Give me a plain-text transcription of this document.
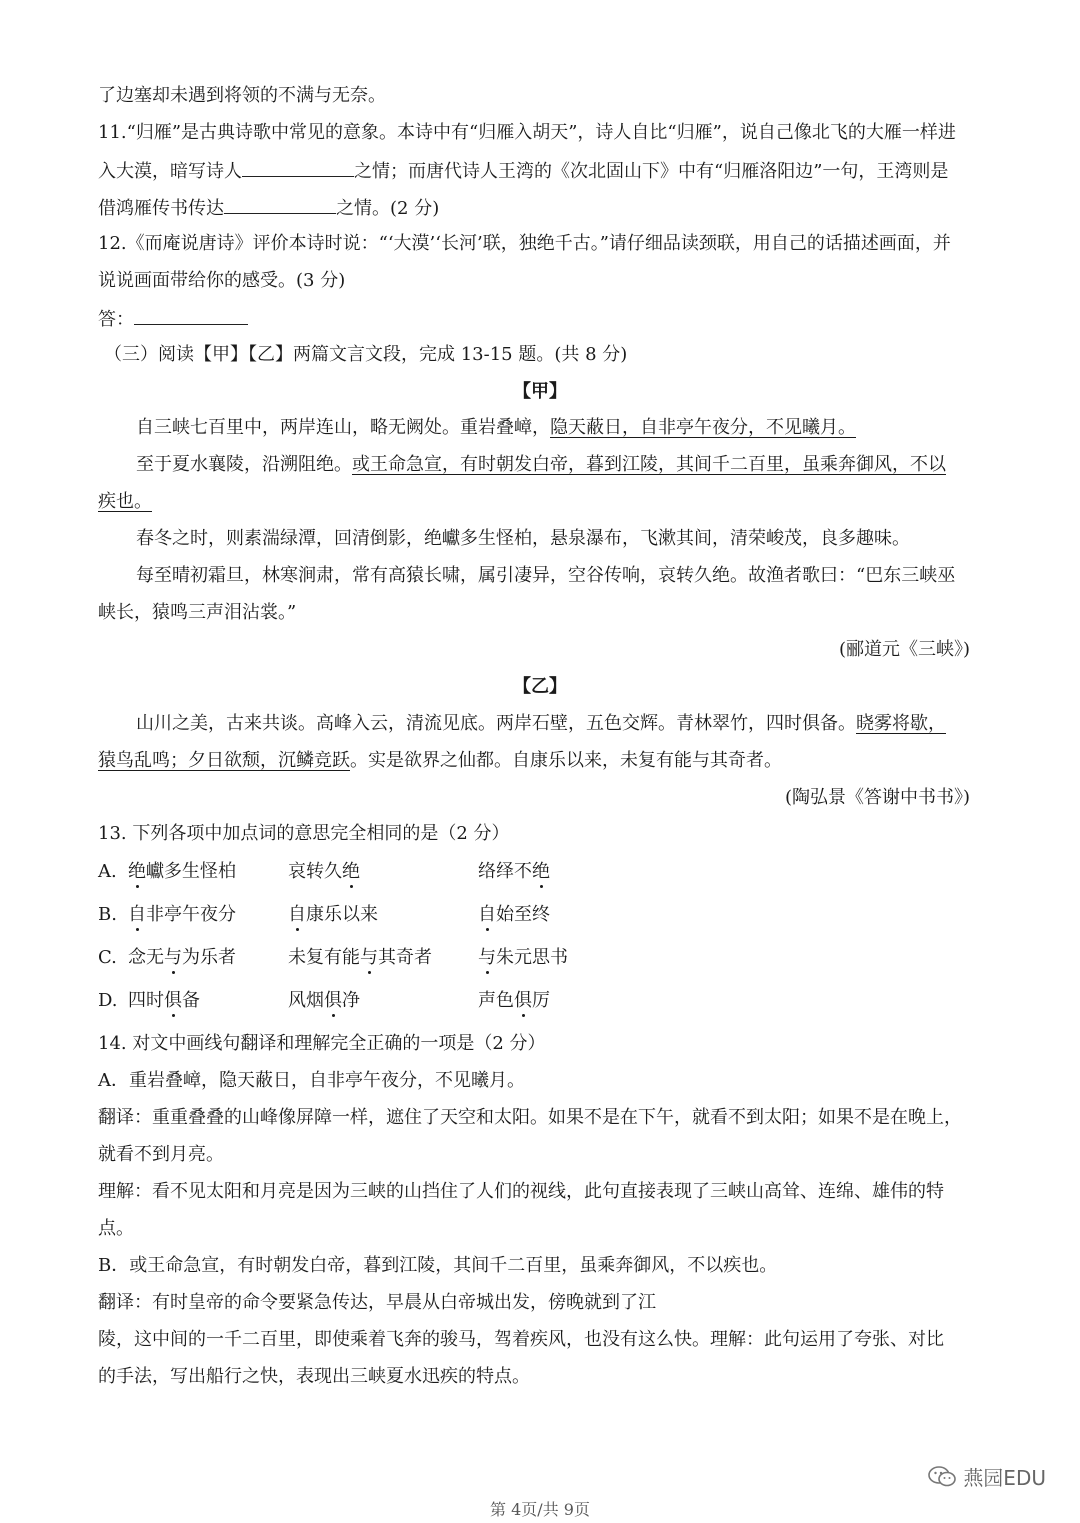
了边塞却未遇到将领的不满与无奈。
11.“归雁”是古典诗歌中常见的意象。本诗中有“归雁入胡天”，诗人自比“归雁”，说自己像北飞的大雁一样进
入大漠，暗写诗人	之情；而唐代诗人王湾的《次北固山下》中有“归雁洛阳边”一句，王湾则是
借鸿雁传书传达	之情。(2 分)
12.《而庵说唐诗》评价本诗时说：“‘大漠’‘长河’联，独绝千古。”请仔细品读颈联，用自己的话描述画面，并
说说画面带给你的感受。(3 分)
答：
（三）阅读【甲】【乙】两篇文言文段，完成 13-15 题。(共 8 分)
【甲】
自三峡七百里中，两岸连山，略无阙处。重岩叠嶂，隐天蔽日，自非亭午夜分，不见曦月。
至于夏水襄陵，沿溯阻绝。或王命急宣，有时朝发白帝，暮到江陵，其间千二百里，虽乘奔御风，不以
疾也。
春冬之时，则素湍绿潭，回清倒影，绝巘多生怪柏，悬泉瀑布，飞漱其间，清荣峻茂，良多趣味。
每至晴初霜旦，林寒涧肃，常有高猿长啸，属引凄异，空谷传响，哀转久绝。故渔者歌曰：“巴东三峡巫
峡长，猿鸣三声泪沾裳。”
(郦道元《三峡》)
【乙】
山川之美，古来共谈。高峰入云，清流见底。两岸石壁，五色交辉。青林翠竹，四时俱备。晓雾将歇，
猿鸟乱鸣；夕日欲颓，沉鳞竞跃。实是欲界之仙都。自康乐以来，未复有能与其奇者。
(陶弘景《答谢中书书》)
13. 下列各项中加点词的意思完全相同的是（2 分）
A. 绝巘多生怪柏	哀转久绝	络绎不绝
B. 自非亭午夜分	自康乐以来	自始至终
C. 念无与为乐者	未复有能与其奇者	与朱元思书
D. 四时俱备	风烟俱净	声色俱厉
14. 对文中画线句翻译和理解完全正确的一项是（2 分）
A．重岩叠嶂，隐天蔽日，自非亭午夜分，不见曦月。
翻译：重重叠叠的山峰像屏障一样，遮住了天空和太阳。如果不是在下午，就看不到太阳；如果不是在晚上，
就看不到月亮。
理解：看不见太阳和月亮是因为三峡的山挡住了人们的视线，此句直接表现了三峡山高耸、连绵、雄伟的特
点。
B．或王命急宣，有时朝发白帝，暮到江陵，其间千二百里，虽乘奔御风，不以疾也。
翻译：有时皇帝的命令要紧急传达，早晨从白帝城出发，傍晚就到了江
陵，这中间的一千二百里，即使乘着飞奔的骏马，驾着疾风，也没有这么快。理解：此句运用了夸张、对比
的手法，写出船行之快，表现出三峡夏水迅疾的特点。
燕园EDU
第 4页/共 9页
